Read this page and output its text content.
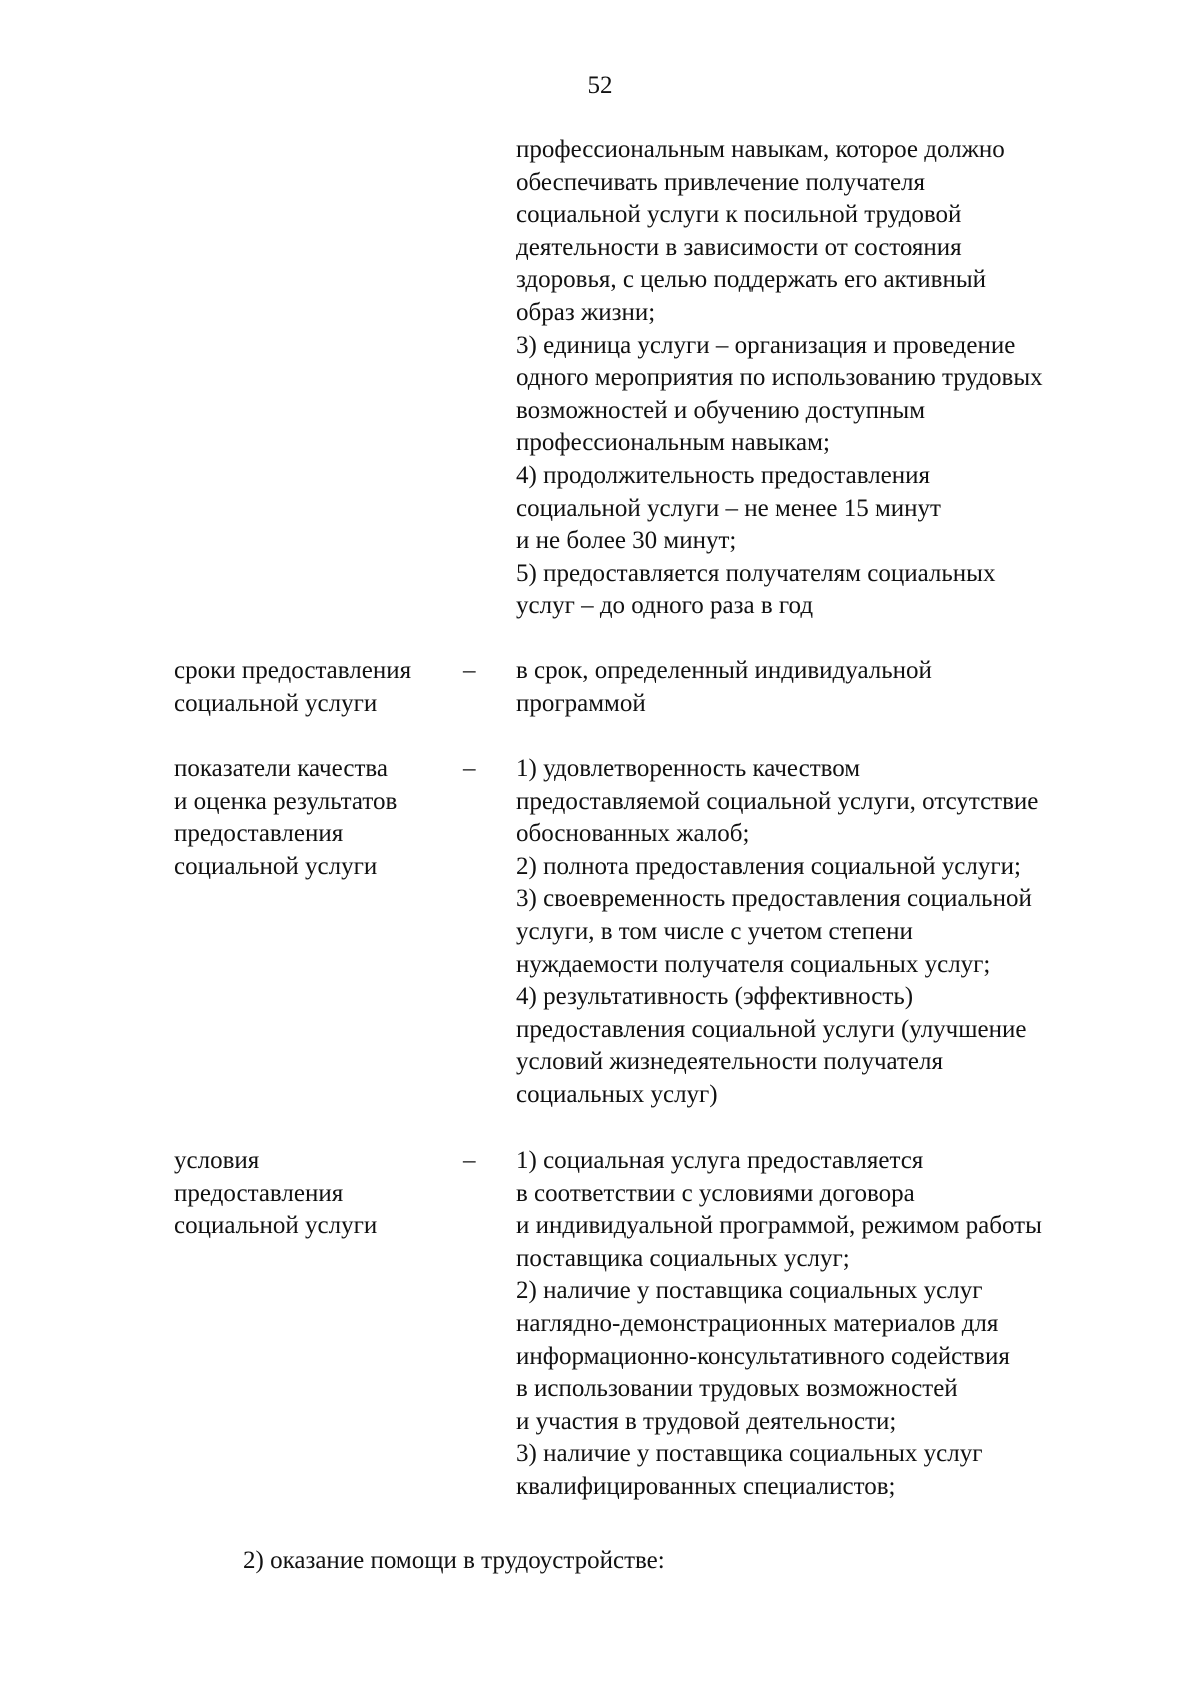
52
профессиональным навыкам, которое должно
обеспечивать привлечение получателя
социальной услуги к посильной трудовой
деятельности в зависимости от состояния
здоровья, с целью поддержать его активный
образ жизни;
3) единица услуги – организация и проведение
одного мероприятия по использованию трудовых
возможностей и обучению доступным
профессиональным навыкам;
4) продолжительность предоставления
социальной услуги – не менее 15 минут
и не более 30 минут;
5) предоставляется получателям социальных
услуг – до одного раза в год
сроки предоставления
социальной услуги
–	в срок, определенный индивидуальной
программой
показатели качества
и оценка результатов
предоставления
социальной услуги
–	1) удовлетворенность качеством
предоставляемой социальной услуги, отсутствие
обоснованных жалоб;
2) полнота предоставления социальной услуги;
3) своевременность предоставления социальной
услуги, в том числе с учетом степени
нуждаемости получателя социальных услуг;
4) результативность (эффективность)
предоставления социальной услуги (улучшение
условий жизнедеятельности получателя
социальных услуг)
условия
предоставления
социальной услуги
–	1) социальная услуга предоставляется
в соответствии с условиями договора
и индивидуальной программой, режимом работы
поставщика социальных услуг;
2) наличие у поставщика социальных услуг
наглядно-демонстрационных материалов для
информационно-консультативного содействия
в использовании трудовых возможностей
и участия в трудовой деятельности;
3) наличие у поставщика социальных услуг
квалифицированных специалистов;
2) оказание помощи в трудоустройстве:
